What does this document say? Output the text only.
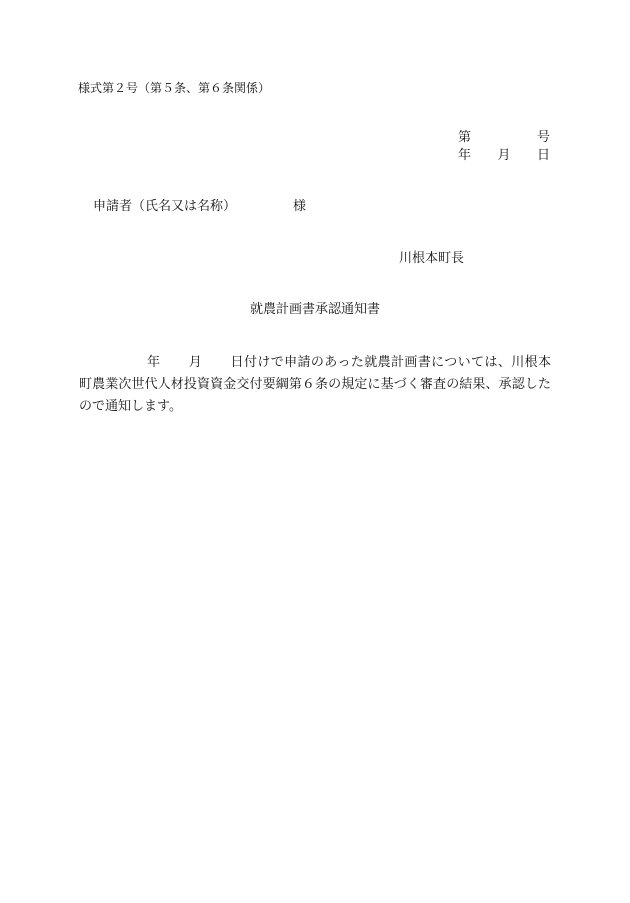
様式第２号（第５条、第６条関係）
第	号
年 月 日
申請者（氏名又は名称）	様
川根本町長
就農計画書承認通知書
年 月 日付けで申請のあった就農計画書については、川根本町農業次世代人材投資資金交付要綱第６条の規定に基づく審査の結果、承認したので通知します。
